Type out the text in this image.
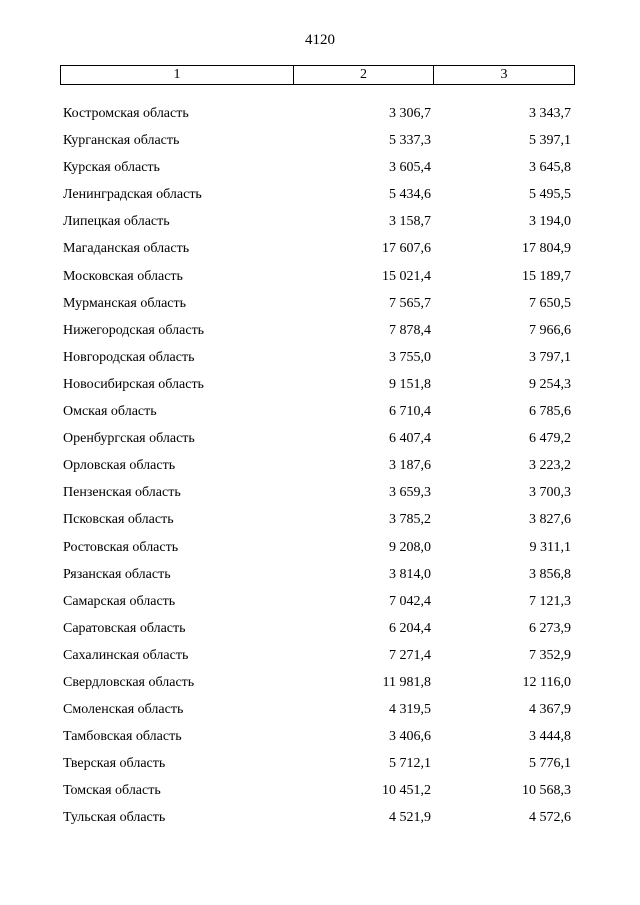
4120
1	2	3
Костромская область	3 306,7	3 343,7
Курганская область	5 337,3	5 397,1
Курская область	3 605,4	3 645,8
Ленинградская область	5 434,6	5 495,5
Липецкая область	3 158,7	3 194,0
Магаданская область	17 607,6	17 804,9
Московская область	15 021,4	15 189,7
Мурманская область	7 565,7	7 650,5
Нижегородская область	7 878,4	7 966,6
Новгородская область	3 755,0	3 797,1
Новосибирская область	9 151,8	9 254,3
Омская область	6 710,4	6 785,6
Оренбургская область	6 407,4	6 479,2
Орловская область	3 187,6	3 223,2
Пензенская область	3 659,3	3 700,3
Псковская область	3 785,2	3 827,6
Ростовская область	9 208,0	9 311,1
Рязанская область	3 814,0	3 856,8
Самарская область	7 042,4	7 121,3
Саратовская область	6 204,4	6 273,9
Сахалинская область	7 271,4	7 352,9
Свердловская область	11 981,8	12 116,0
Смоленская область	4 319,5	4 367,9
Тамбовская область	3 406,6	3 444,8
Тверская область	5 712,1	5 776,1
Томская область	10 451,2	10 568,3
Тульская область	4 521,9	4 572,6
